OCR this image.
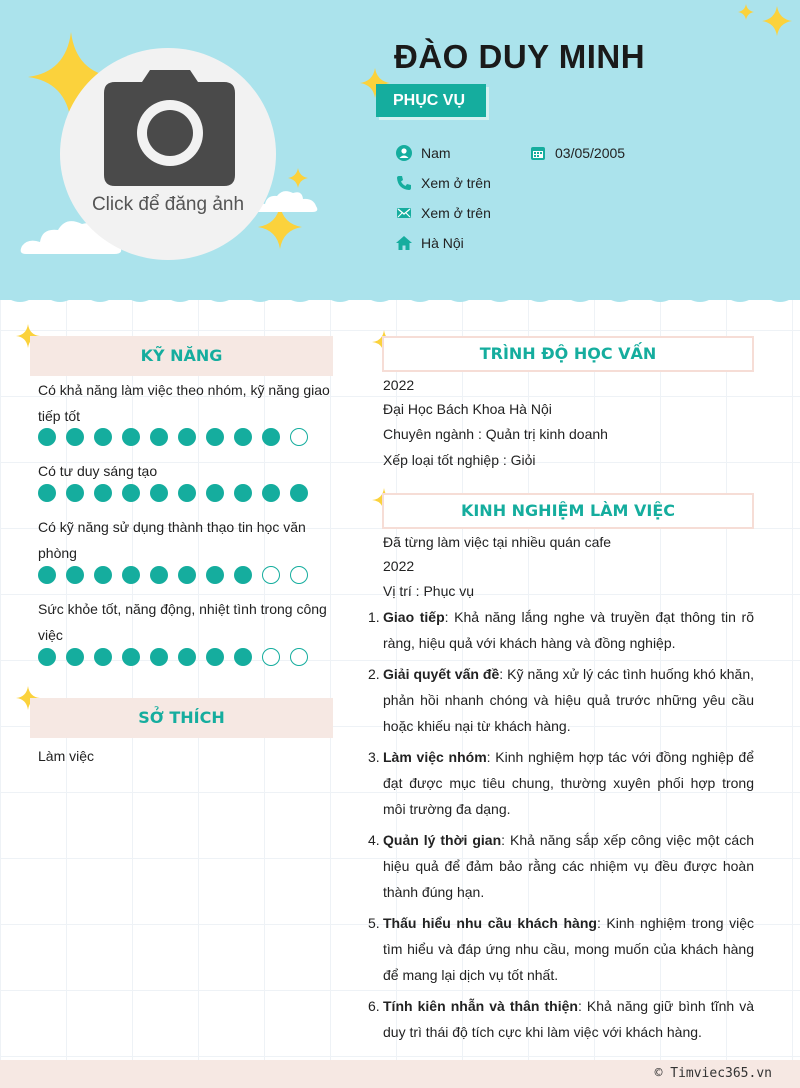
Click để đăng ảnh
ĐÀO DUY MINH
PHỤC VỤ
Nam	03/05/2005
Xem ở trên
Xem ở trên
Hà Nội
KỸ NĂNG
Có khả năng làm việc theo nhóm, kỹ năng giao tiếp tốt
Có tư duy sáng tạo
Có kỹ năng sử dụng thành thạo tin học văn phòng
Sức khỏe tốt, năng động, nhiệt tình trong công việc
SỞ THÍCH
Làm việc
TRÌNH ĐỘ HỌC VẤN
2022
Đại Học Bách Khoa Hà Nội
Chuyên ngành : Quản trị kinh doanh
Xếp loại tốt nghiệp : Giỏi
KINH NGHIỆM LÀM VIỆC
Đã từng làm việc tại nhiều quán cafe
2022
Vị trí : Phục vụ
1. Giao tiếp: Khả năng lắng nghe và truyền đạt thông tin rõ ràng, hiệu quả với khách hàng và đồng nghiệp.
2. Giải quyết vấn đề: Kỹ năng xử lý các tình huống khó khăn, phản hồi nhanh chóng và hiệu quả trước những yêu cầu hoặc khiếu nại từ khách hàng.
3. Làm việc nhóm: Kinh nghiệm hợp tác với đồng nghiệp để đạt được mục tiêu chung, thường xuyên phối hợp trong môi trường đa dạng.
4. Quản lý thời gian: Khả năng sắp xếp công việc một cách hiệu quả để đảm bảo rằng các nhiệm vụ đều được hoàn thành đúng hạn.
5. Thấu hiểu nhu cầu khách hàng: Kinh nghiệm trong việc tìm hiểu và đáp ứng nhu cầu, mong muốn của khách hàng để mang lại dịch vụ tốt nhất.
6. Tính kiên nhẫn và thân thiện: Khả năng giữ bình tĩnh và duy trì thái độ tích cực khi làm việc với khách hàng.
© Timviec365.vn
